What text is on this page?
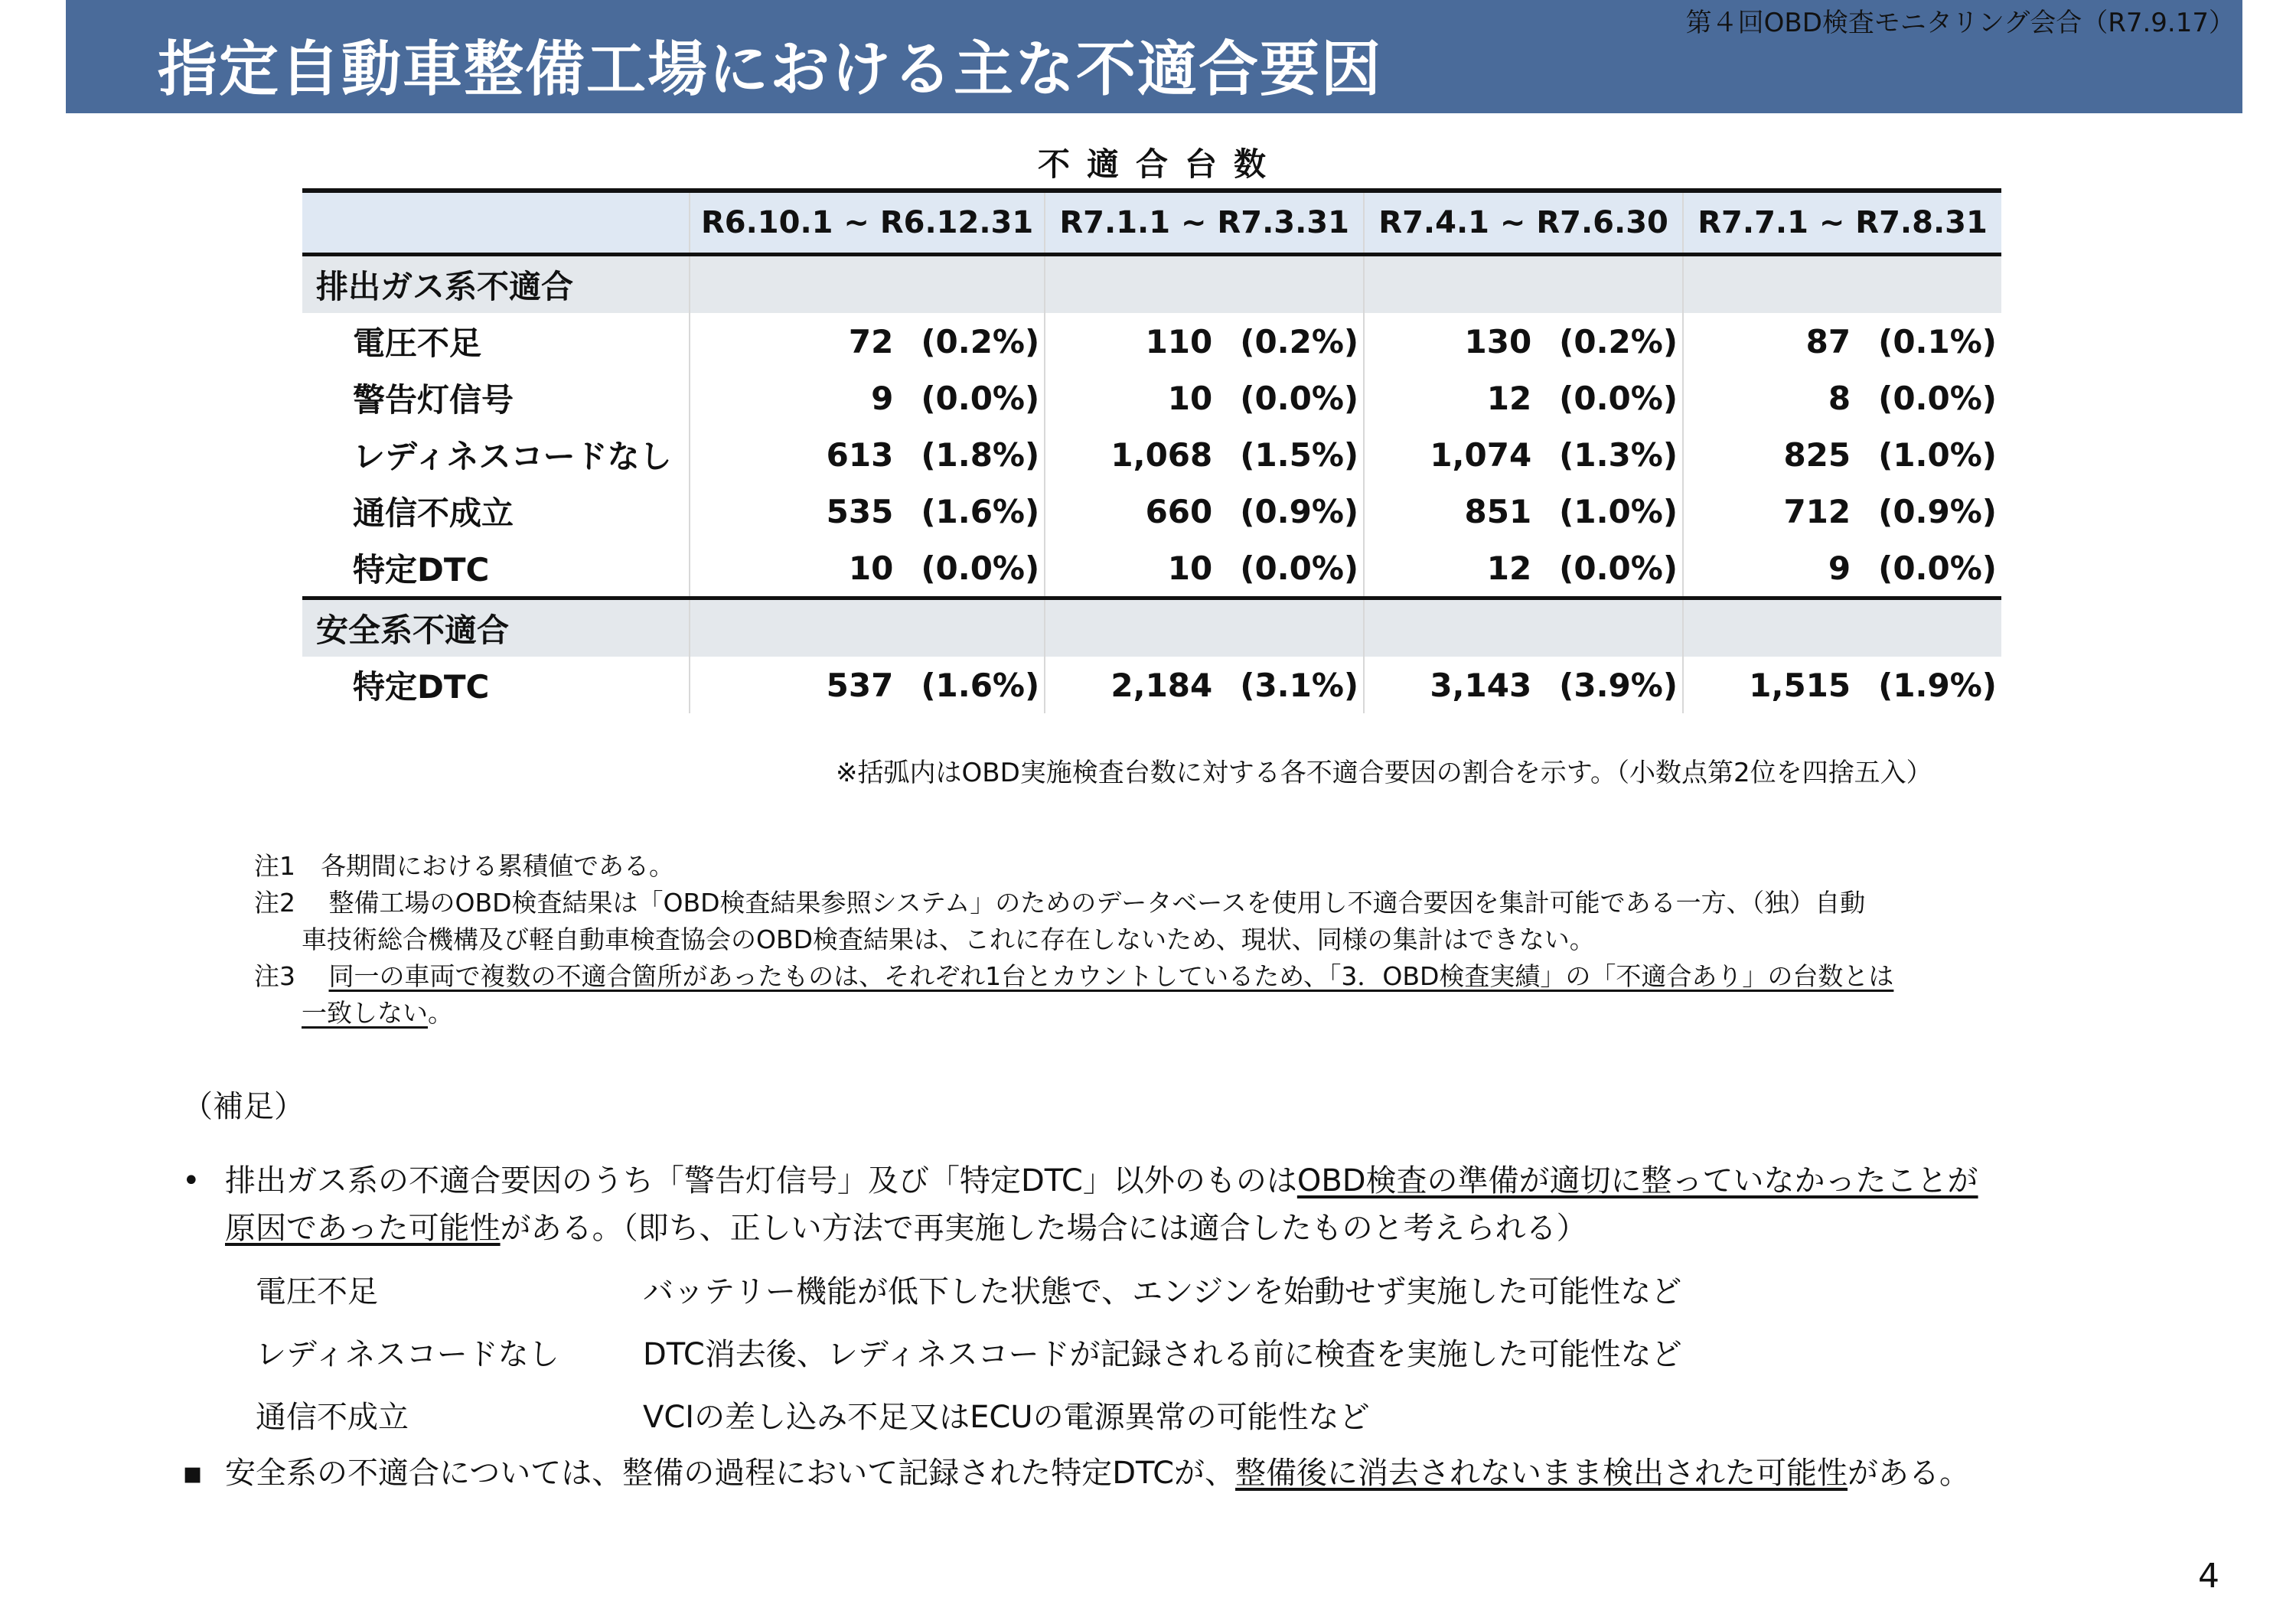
指定自動車整備工場における主な不適合要因
第４回OBD検査モニタリング会合（R7.9.17）
不適合台数
	R6.10.1 ~ R6.12.31	R7.1.1 ~ R7.3.31	R7.4.1 ~ R7.6.30	R7.7.1 ~ R7.8.31
排出ガス系不適合				
電圧不足	72 (0.2%)	110 (0.2%)	130 (0.2%)	87 (0.1%)
警告灯信号	9 (0.0%)	10 (0.0%)	12 (0.0%)	8 (0.0%)
レディネスコードなし	613 (1.8%)	1,068 (1.5%)	1,074 (1.3%)	825 (1.0%)
通信不成立	535 (1.6%)	660 (0.9%)	851 (1.0%)	712 (0.9%)
特定DTC	10 (0.0%)	10 (0.0%)	12 (0.0%)	9 (0.0%)
安全系不適合				
特定DTC	537 (1.6%)	2,184 (3.1%)	3,143 (3.9%)	1,515 (1.9%)
※括弧内はOBD実施検査台数に対する各不適合要因の割合を示す。（小数点第2位を四捨五入）
注1　各期間における累積値である。
注2　 整備工場のOBD検査結果は「OBD検査結果参照システム」のためのデータベースを使用し不適合要因を集計可能である一方、（独）自動
車技術総合機構及び軽自動車検査協会のOBD検査結果は、これに存在しないため、現状、同様の集計はできない。
注3　 同一の車両で複数の不適合箇所があったものは、それぞれ1台とカウントしているため、「3．OBD検査実績」の「不適合あり」の台数とは
一致しない。
（補足）
• 排出ガス系の不適合要因のうち「警告灯信号」及び「特定DTC」以外のものはOBD検査の準備が適切に整っていなかったことが
原因であった可能性がある。（即ち、正しい方法で再実施した場合には適合したものと考えられる）
電圧不足	バッテリー機能が低下した状態で、エンジンを始動せず実施した可能性など
レディネスコードなし	DTC消去後、レディネスコードが記録される前に検査を実施した可能性など
通信不成立	VCIの差し込み不足又はECUの電源異常の可能性など
▪ 安全系の不適合については、整備の過程において記録された特定DTCが、整備後に消去されないまま検出された可能性がある。
4
